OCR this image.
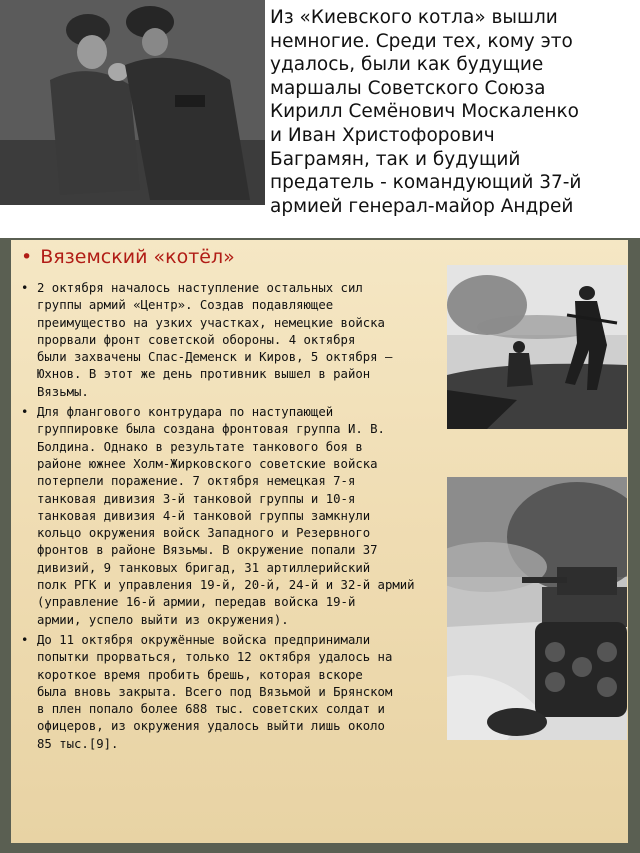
Из «Киевского котла» вышли
немногие. Среди тех, кому это
удалось, были как будущие
маршалы Советского Союза
Кирилл Семёнович Москаленко
и Иван Христофорович
Баграмян, так и будущий
предатель - командующий 37-й
армией генерал-майор Андрей
• Вяземский «котёл»
• 2 октября началось наступление остальных сил
группы армий «Центр». Создав подавляющее
преимущество на узких участках, немецкие войска
прорвали фронт советской обороны. 4 октября
были захвачены Спас-Деменск и Киров, 5 октября —
Юхнов. В этот же день противник вышел в район
Вязьмы.
• Для флангового контрудара по наступающей
группировке была создана фронтовая группа И. В.
Болдина. Однако в результате танкового боя в
районе южнее Холм-Жирковского советские войска
потерпели поражение. 7 октября немецкая 7-я
танковая дивизия 3-й танковой группы и 10-я
танковая дивизия 4-й танковой группы замкнули
кольцо окружения войск Западного и Резервного
фронтов в районе Вязьмы. В окружение попали 37
дивизий, 9 танковых бригад, 31 артиллерийский
полк РГК и управления 19-й, 20-й, 24-й и 32-й армий
(управление 16-й армии, передав войска 19-й
армии, успело выйти из окружения).
• До 11 октября окружённые войска предпринимали
попытки прорваться, только 12 октября удалось на
короткое время пробить брешь, которая вскоре
была вновь закрыта. Всего под Вязьмой и Брянском
в плен попало более 688 тыс. советских солдат и
офицеров, из окружения удалось выйти лишь около
85 тыс.[9].
